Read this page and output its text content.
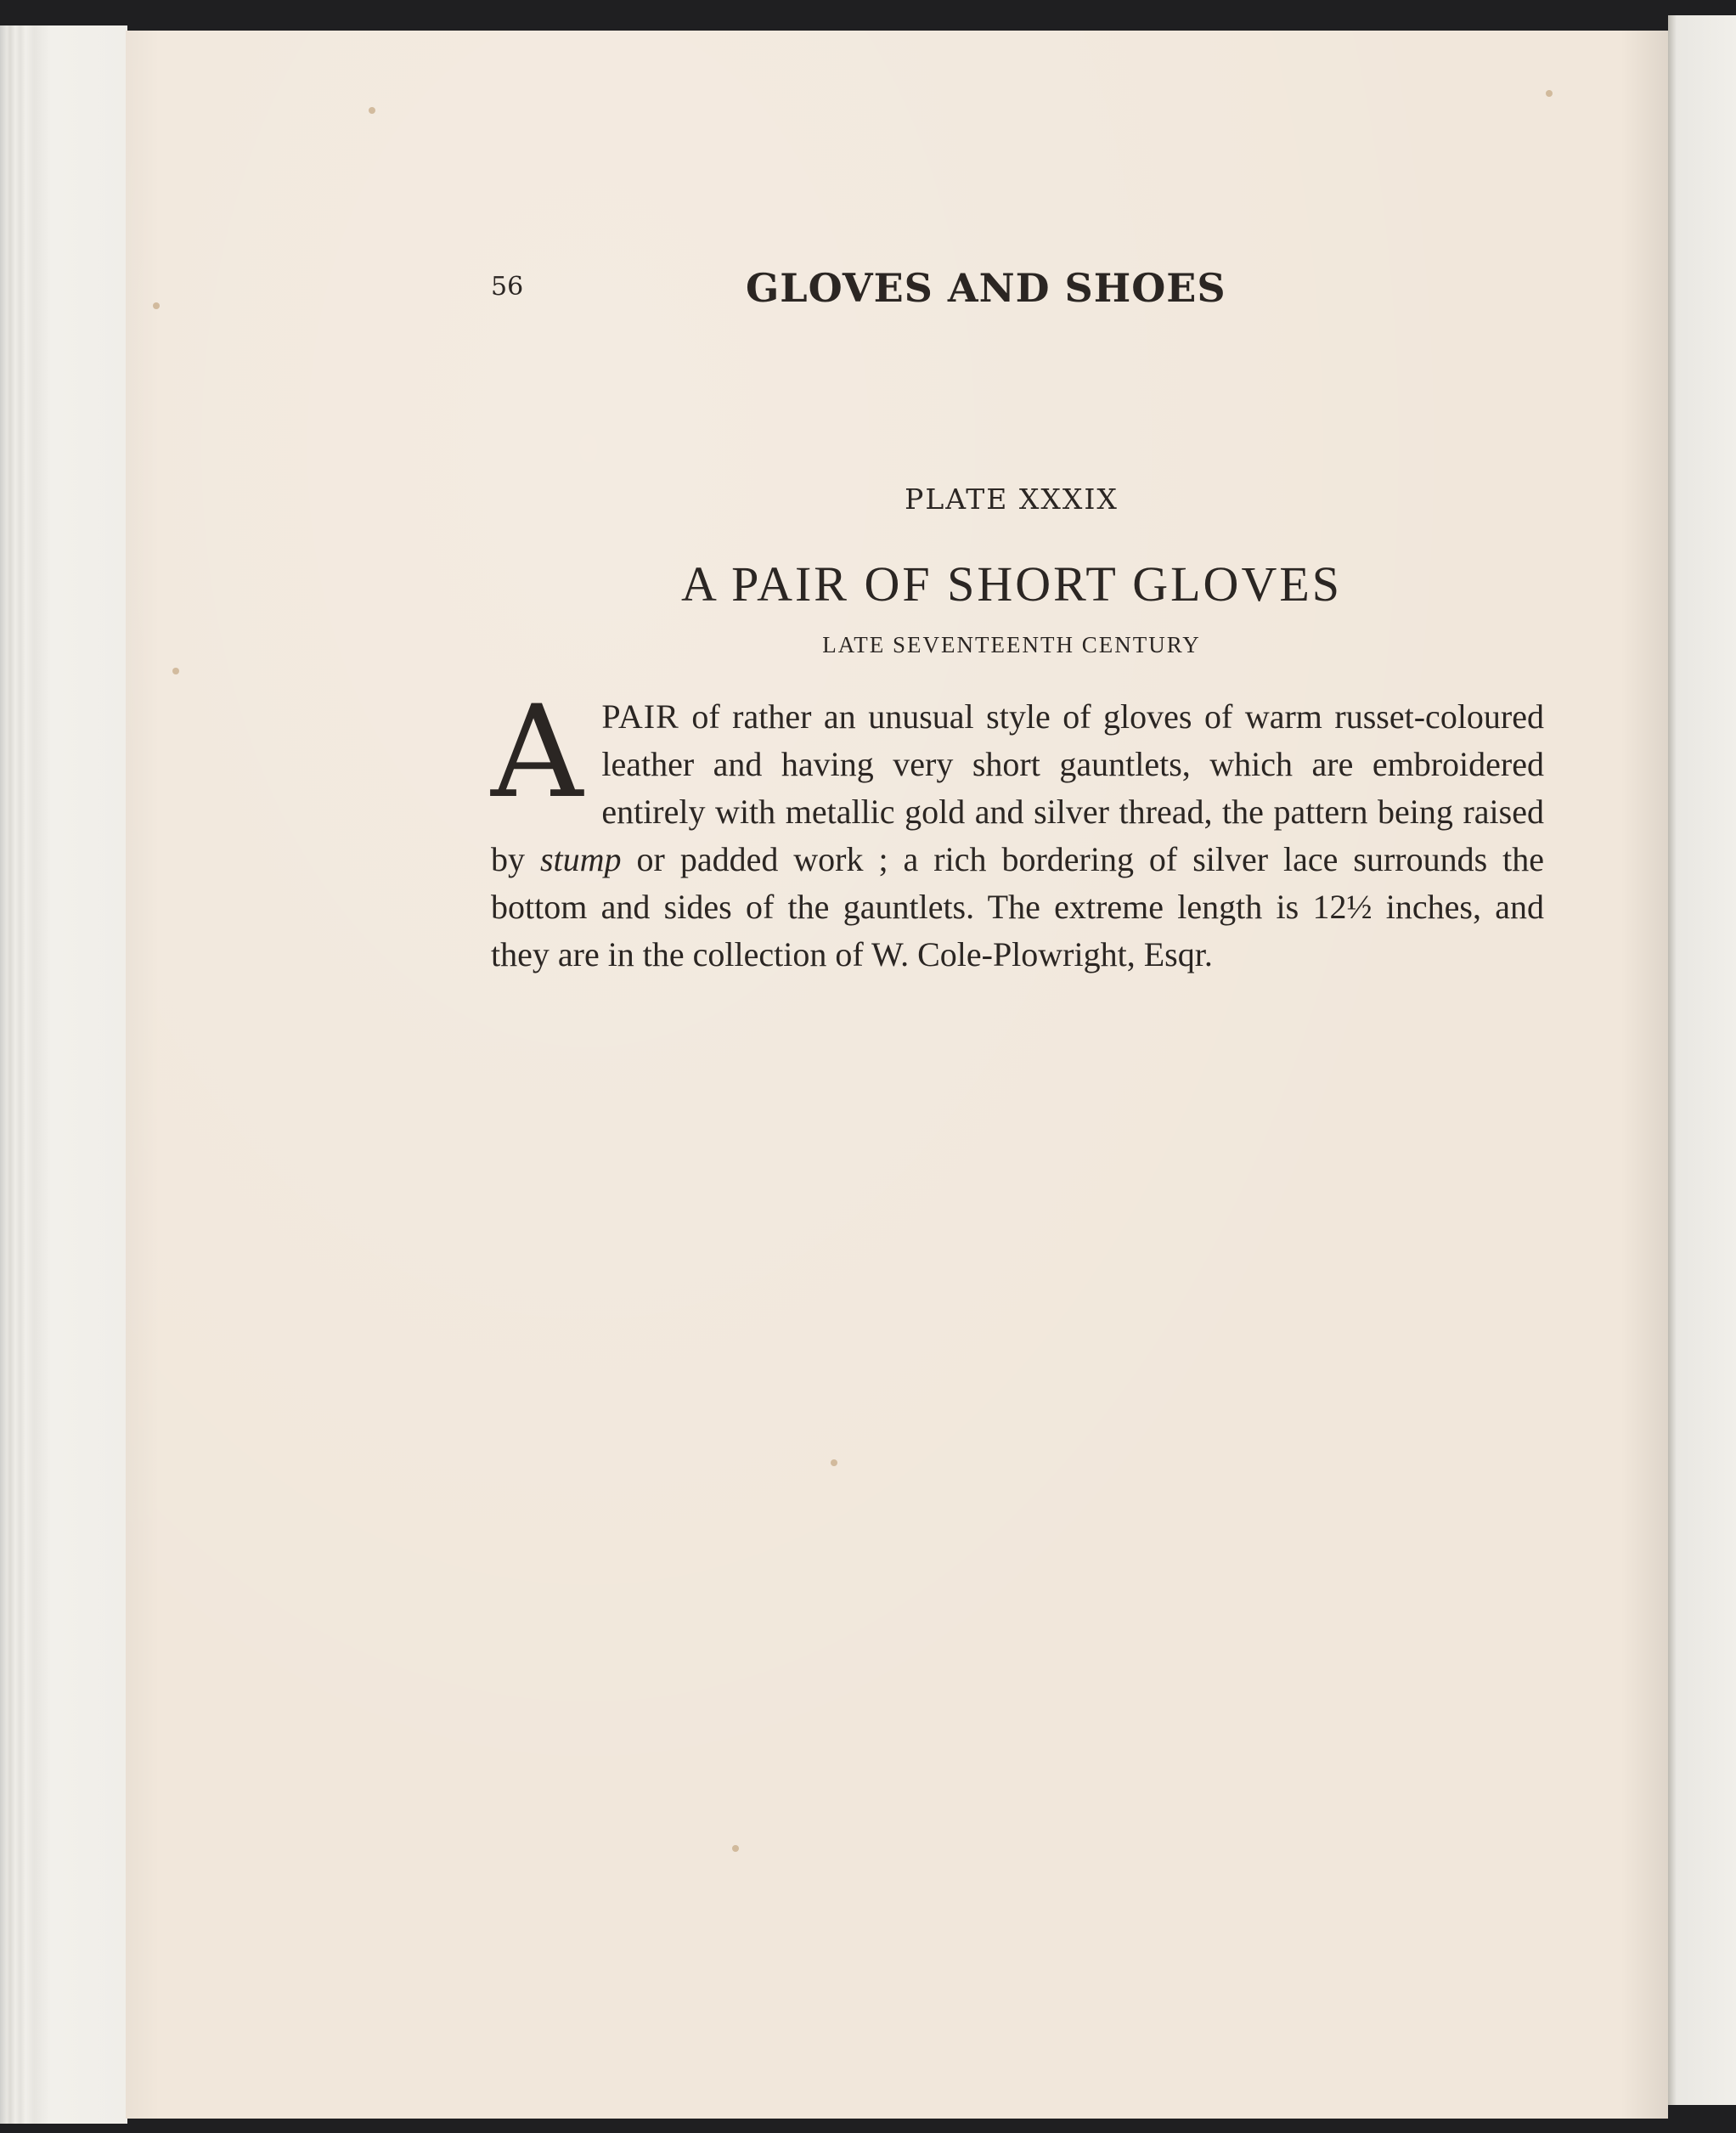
56	GLOVES AND SHOES
PLATE XXXIX
A PAIR OF SHORT GLOVES
LATE SEVENTEENTH CENTURY
APAIR of rather an unusual style of gloves of warm russet-coloured leather and having very short gauntlets, which are embroidered entirely with metallic gold and silver thread, the pattern being raised by stump or padded work ; a rich bordering of silver lace surrounds the bottom and sides of the gauntlets. The extreme length is 12½ inches, and they are in the collection of W. Cole-Plowright, Esqr.
